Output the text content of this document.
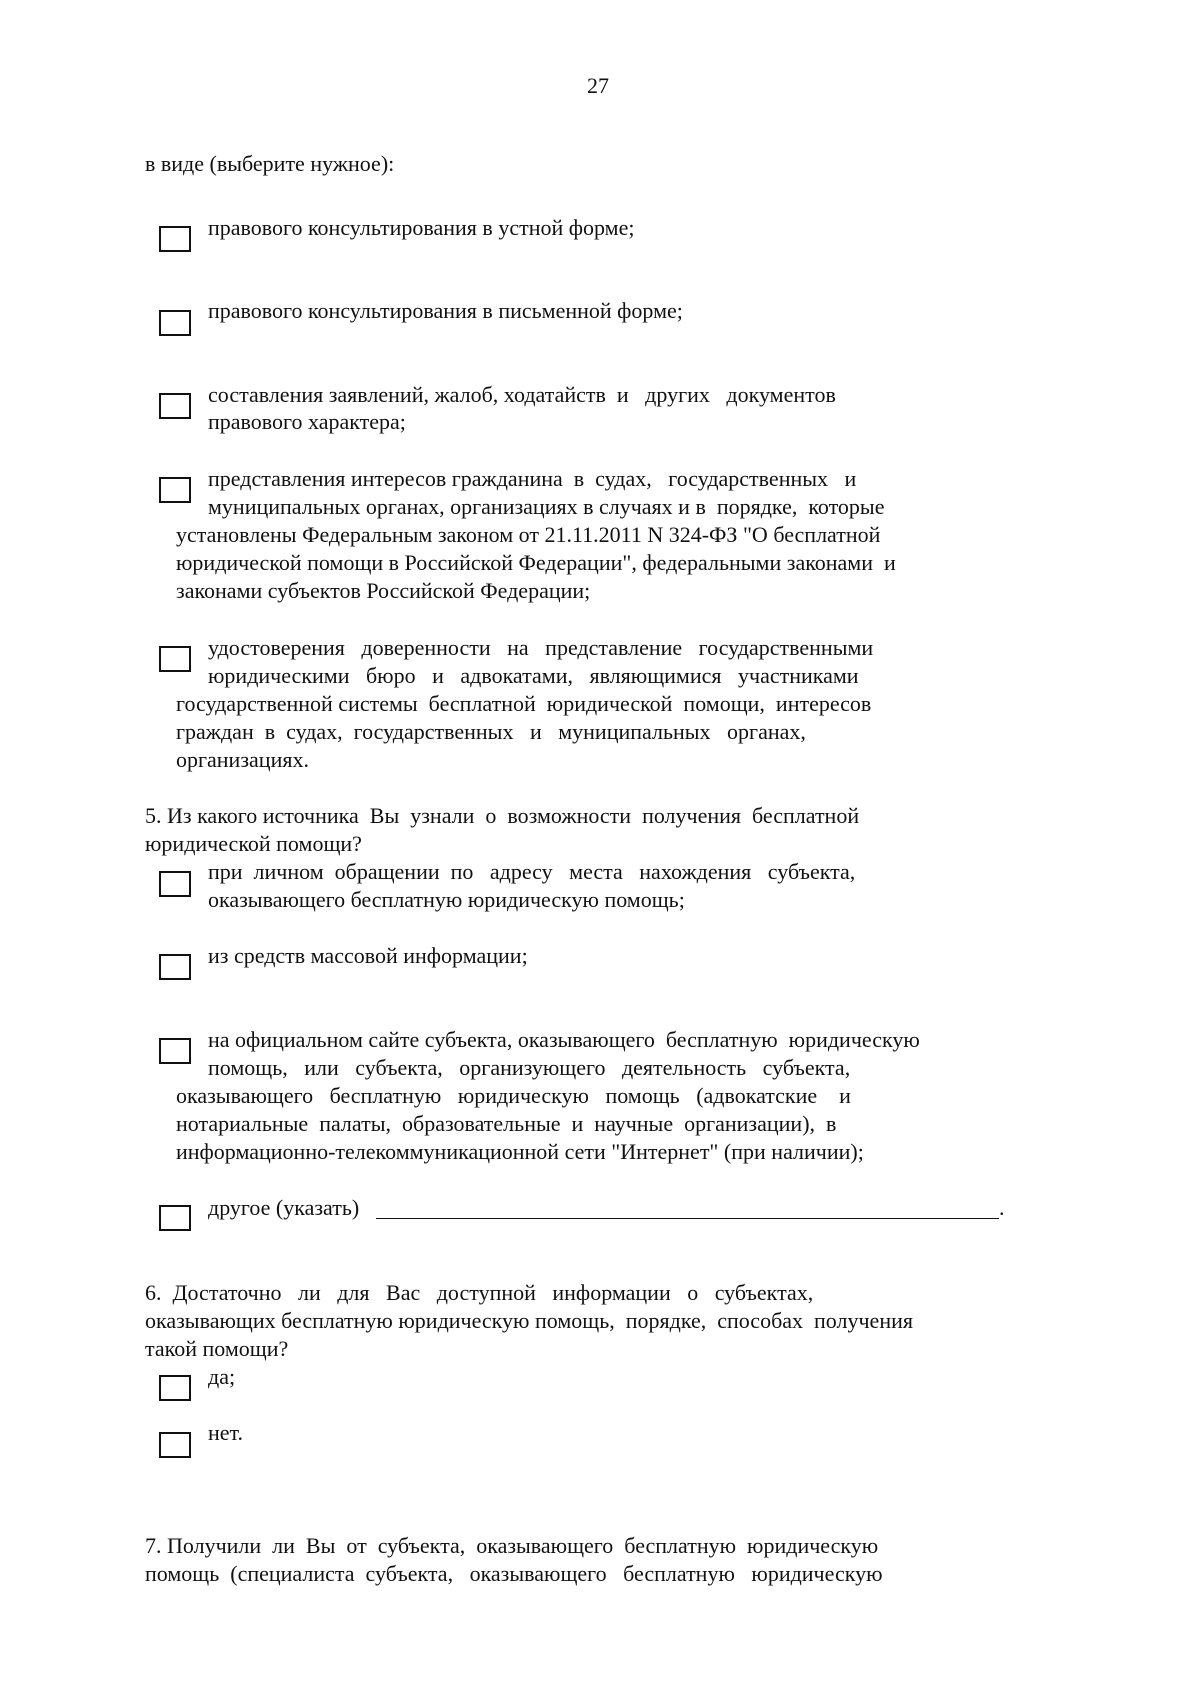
27
в виде (выберите нужное):
правового консультирования в устной форме;
правового консультирования в письменной форме;
составления заявлений, жалоб, ходатайств  и   других   документов
правового характера;
представления интересов гражданина  в  судах,   государственных   и
муниципальных органах, организациях в случаях и в  порядке,  которые
установлены Федеральным законом от 21.11.2011 N 324-ФЗ "О бесплатной
юридической помощи в Российской Федерации", федеральными законами  и
законами субъектов Российской Федерации;
удостоверения   доверенности   на   представление   государственными
юридическими   бюро   и   адвокатами,   являющимися   участниками
государственной системы  бесплатной  юридической  помощи,  интересов
граждан  в  судах,  государственных   и   муниципальных   органах,
организациях.
5. Из какого источника  Вы  узнали  о  возможности  получения  бесплатной
юридической помощи?
при  личном  обращении  по   адресу   места   нахождения   субъекта,
оказывающего бесплатную юридическую помощь;
из средств массовой информации;
на официальном сайте субъекта, оказывающего  бесплатную  юридическую
помощь,   или   субъекта,   организующего   деятельность   субъекта,
оказывающего   бесплатную   юридическую   помощь   (адвокатские    и
нотариальные  палаты,  образовательные  и  научные  организации),  в
информационно-телекоммуникационной сети "Интернет" (при наличии);
другое (указать)	.
6.  Достаточно   ли   для   Вас   доступной   информации   о   субъектах,
оказывающих бесплатную юридическую помощь,  порядке,  способах  получения
такой помощи?
да;
нет.
7. Получили  ли  Вы  от  субъекта,  оказывающего  бесплатную  юридическую
помощь  (специалиста  субъекта,   оказывающего   бесплатную   юридическую
